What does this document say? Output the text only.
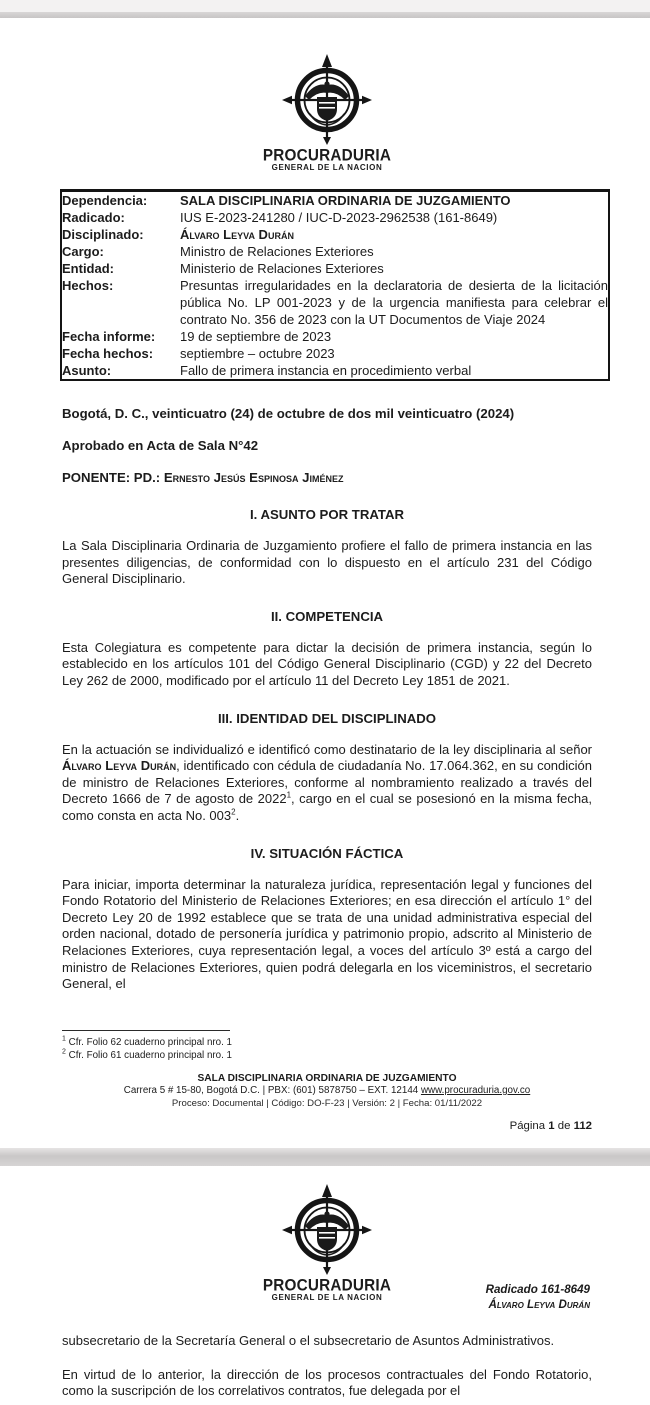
PROCURADURIA
GENERAL DE LA NACION
Dependencia:	SALA DISCIPLINARIA ORDINARIA DE JUZGAMIENTO
Radicado:	IUS E-2023-241280 / IUC-D-2023-2962538 (161-8649)
Disciplinado:	Álvaro Leyva Durán
Cargo:	Ministro de Relaciones Exteriores
Entidad:	Ministerio de Relaciones Exteriores
Hechos:	Presuntas irregularidades en la declaratoria de desierta de la licitación pública No. LP 001-2023 y de la urgencia manifiesta para celebrar el contrato No. 356 de 2023 con la UT Documentos de Viaje 2024
Fecha informe:	19 de septiembre de 2023
Fecha hechos:	septiembre – octubre 2023
Asunto:	Fallo de primera instancia en procedimiento verbal
Bogotá, D. C., veinticuatro (24) de octubre de dos mil veinticuatro (2024)
Aprobado en Acta de Sala N°42
PONENTE: PD.: Ernesto Jesús Espinosa Jiménez
I. ASUNTO POR TRATAR

La Sala Disciplinaria Ordinaria de Juzgamiento profiere el fallo de primera instancia en las presentes diligencias, de conformidad con lo dispuesto en el artículo 231 del Código General Disciplinario.

II. COMPETENCIA

Esta Colegiatura es competente para dictar la decisión de primera instancia, según lo establecido en los artículos 101 del Código General Disciplinario (CGD) y 22 del Decreto Ley 262 de 2000, modificado por el artículo 11 del Decreto Ley 1851 de 2021.

III. IDENTIDAD DEL DISCIPLINADO

En la actuación se individualizó e identificó como destinatario de la ley disciplinaria al señor Álvaro Leyva Durán, identificado con cédula de ciudadanía No. 17.064.362, en su condición de ministro de Relaciones Exteriores, conforme al nombramiento realizado a través del Decreto 1666 de 7 de agosto de 2022$^1$, cargo en el cual se posesionó en la misma fecha, como consta en acta No. 003$^2$.

IV. SITUACIÓN FÁCTICA

Para iniciar, importa determinar la naturaleza jurídica, representación legal y funciones del Fondo Rotatorio del Ministerio de Relaciones Exteriores; en esa dirección el artículo 1° del Decreto Ley 20 de 1992 establece que se trata de una unidad administrativa especial del orden nacional, dotado de personería jurídica y patrimonio propio, adscrito al Ministerio de Relaciones Exteriores, cuya representación legal, a voces del artículo 3º está a cargo del ministro de Relaciones Exteriores, quien podrá delegarla en los viceministros, el secretario General, el

$^1$ Cfr. Folio 62 cuaderno principal nro. 1
$^2$ Cfr. Folio 61 cuaderno principal nro. 1
SALA DISCIPLINARIA ORDINARIA DE JUZGAMIENTO
Carrera 5 # 15-80, Bogotá D.C. | PBX: (601) 5878750 – EXT. 12144 www.procuraduria.gov.co
Proceso: Documental | Código: DO-F-23 | Versión: 2 | Fecha: 01/11/2022
Página 1 de 112
PROCURADURIA
GENERAL DE LA NACION
Radicado 161-8649
Álvaro Leyva Durán

subsecretario de la Secretaría General o el subsecretario de Asuntos Administrativos.

En virtud de lo anterior, la dirección de los procesos contractuales del Fondo Rotatorio, como la suscripción de los correlativos contratos, fue delegada por el
